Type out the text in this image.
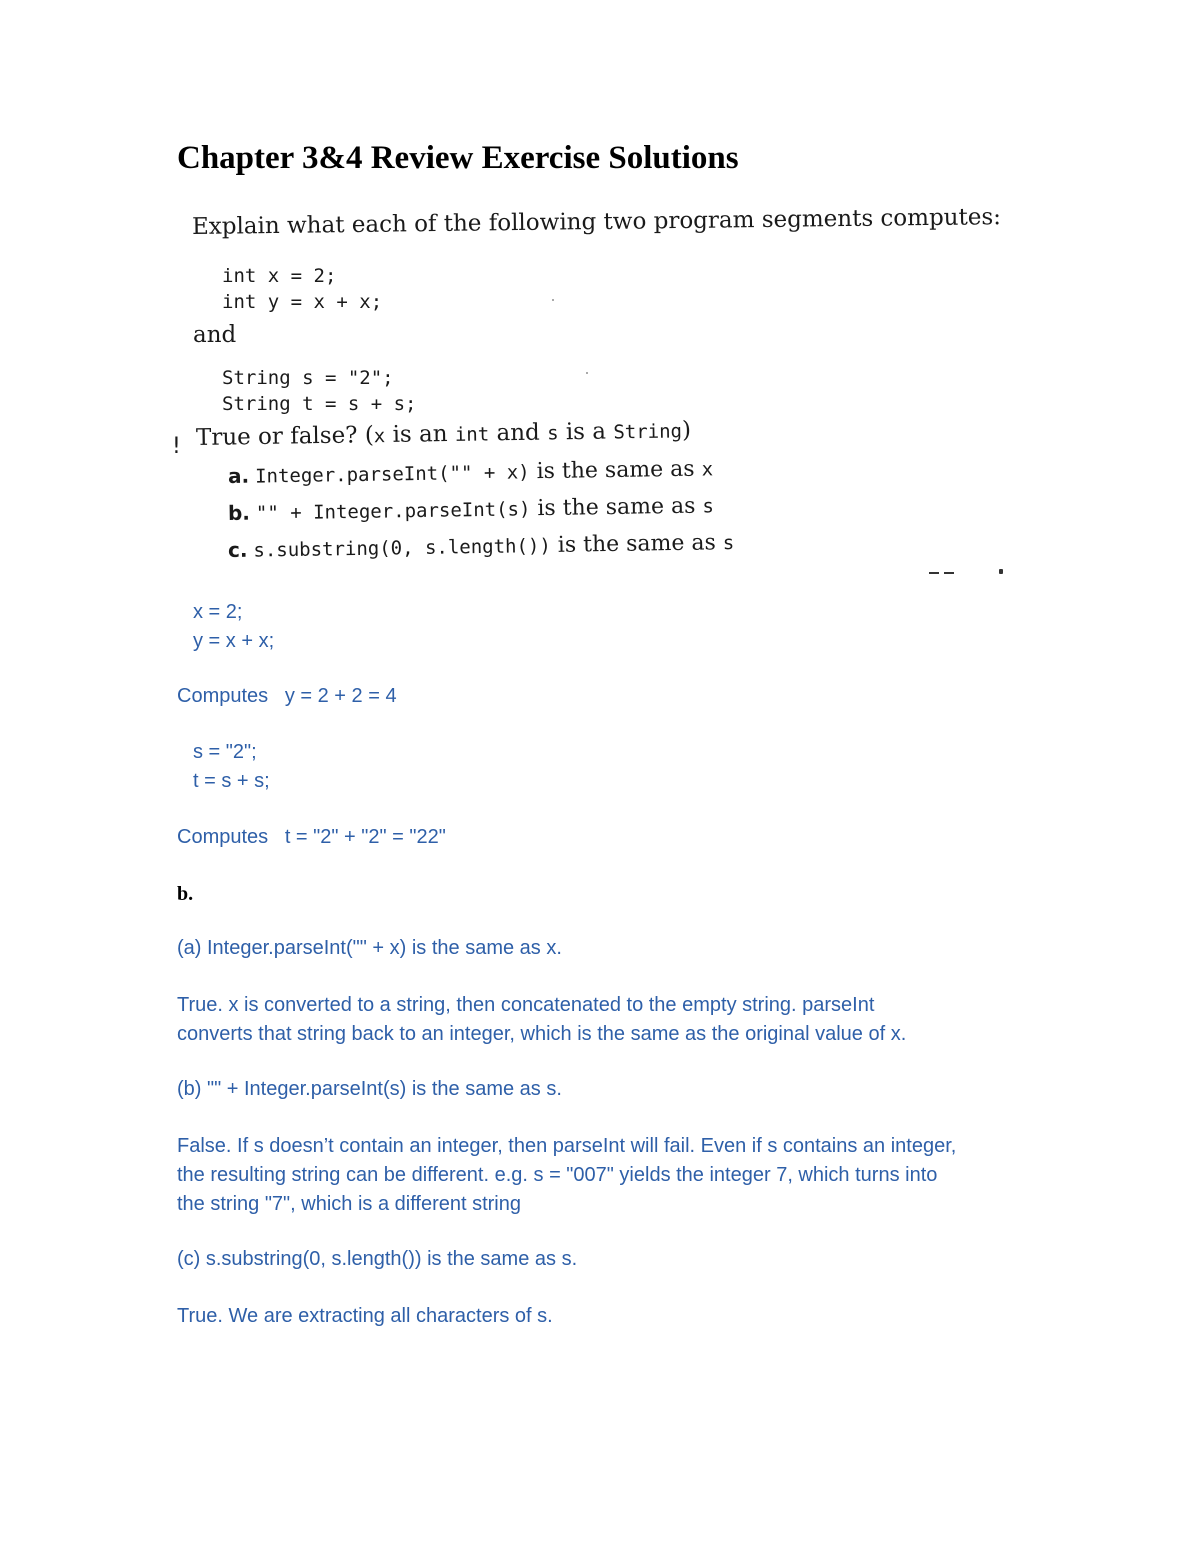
Chapter 3&4 Review Exercise Solutions
Explain what each of the following two program segments computes:
int x = 2;
int y = x + x;
and
String s = "2";
String t = s + s;
! True or false? (x is an int and s is a String)
a. Integer.parseInt("" + x) is the same as x
b. "" + Integer.parseInt(s) is the same as s
c. s.substring(0, s.length()) is the same as s
x = 2;
y = x + x;
Computes   y = 2 + 2 = 4
s = "2";
t = s + s;
Computes   t = "2" + "2" = "22"
b.
(a) Integer.parseInt("" + x) is the same as x.
True. x is converted to a string, then concatenated to the empty string. parseInt
converts that string back to an integer, which is the same as the original value of x.
(b) "" + Integer.parseInt(s) is the same as s.
False. If s doesn’t contain an integer, then parseInt will fail. Even if s contains an integer,
the resulting string can be different. e.g. s = "007" yields the integer 7, which turns into
the string "7", which is a different string
(c) s.substring(0, s.length()) is the same as s.
True. We are extracting all characters of s.
